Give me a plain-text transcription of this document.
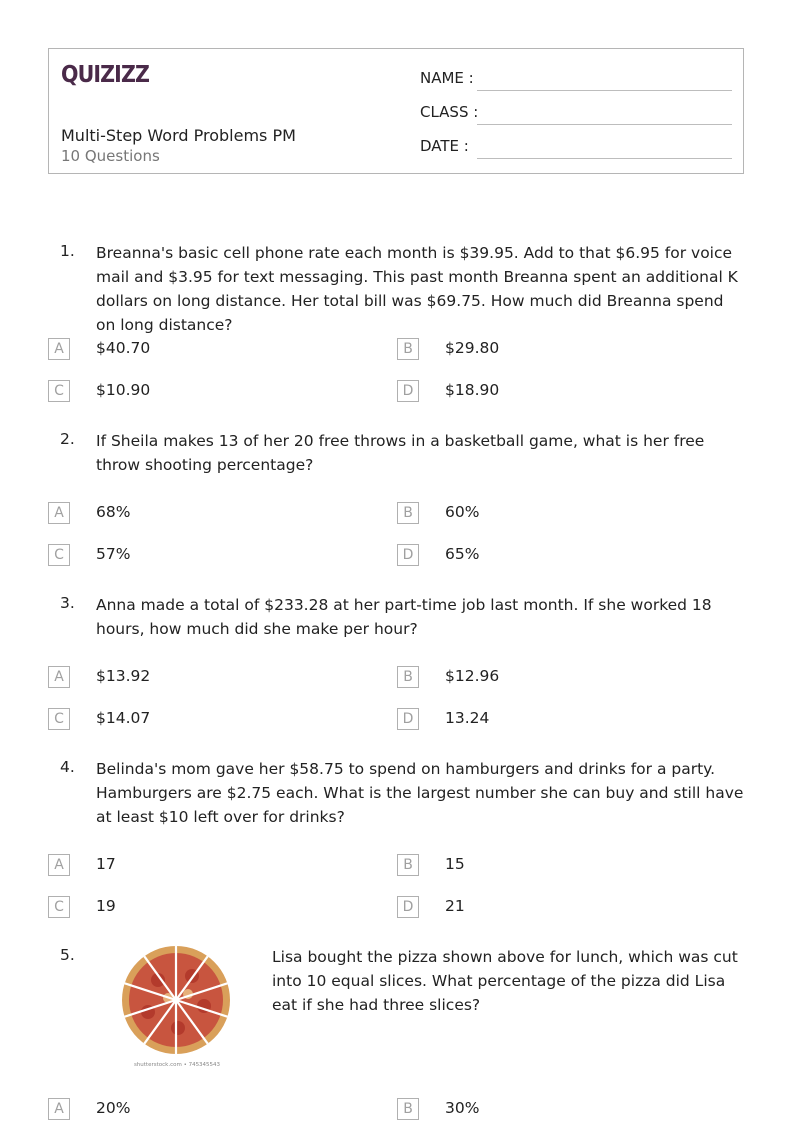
QUIZIZZ
Multi-Step Word Problems PM
10 Questions
NAME :
CLASS :
DATE :
1. Breanna's basic cell phone rate each month is $39.95. Add to that $6.95 for voice mail and $3.95 for text messaging. This past month Breanna spent an additional K dollars on long distance. Her total bill was $69.75. How much did Breanna spend on long distance?
A	$40.70	B	$29.80
C	$10.90	D	$18.90
2. If Sheila makes 13 of her 20 free throws in a basketball game, what is her free throw shooting percentage?
A	68%	B	60%
C	57%	D	65%
3. Anna made a total of $233.28 at her part-time job last month. If she worked 18 hours, how much did she make per hour?
A	$13.92	B	$12.96
C	$14.07	D	13.24
4. Belinda's mom gave her $58.75 to spend on hamburgers and drinks for a party. Hamburgers are $2.75 each. What is the largest number she can buy and still have at least $10 left over for drinks?
A	17	B	15
C	19	D	21
5.
shutterstock.com • 745345543
Lisa bought the pizza shown above for lunch, which was cut into 10 equal slices. What percentage of the pizza did Lisa eat if she had three slices?
A	20%	B	30%
